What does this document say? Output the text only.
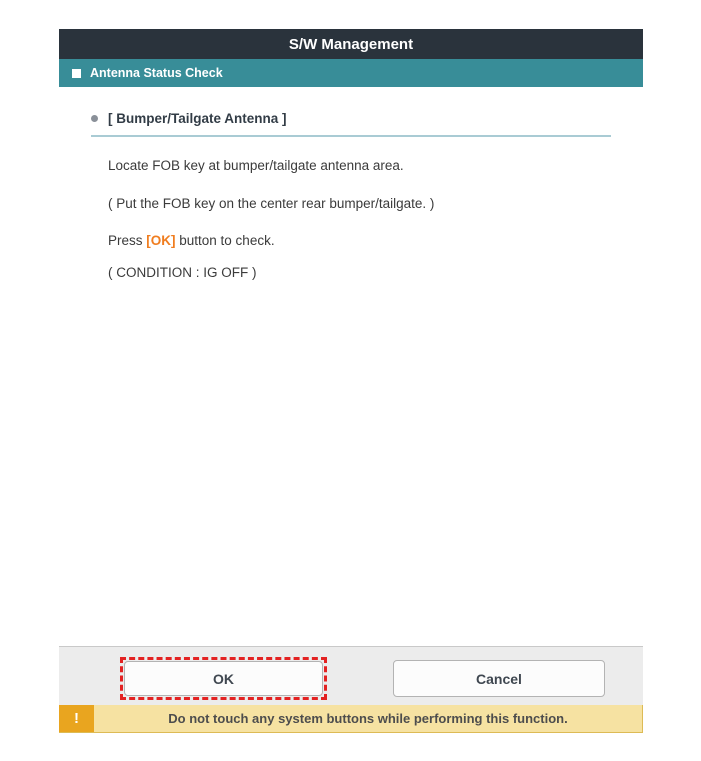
S/W Management
Antenna Status Check
[ Bumper/Tailgate Antenna ]
Locate FOB key at bumper/tailgate antenna area.
( Put the FOB key on the center rear bumper/tailgate. )
Press [OK] button to check.
( CONDITION : IG OFF )
OK	Cancel
!	Do not touch any system buttons while performing this function.
